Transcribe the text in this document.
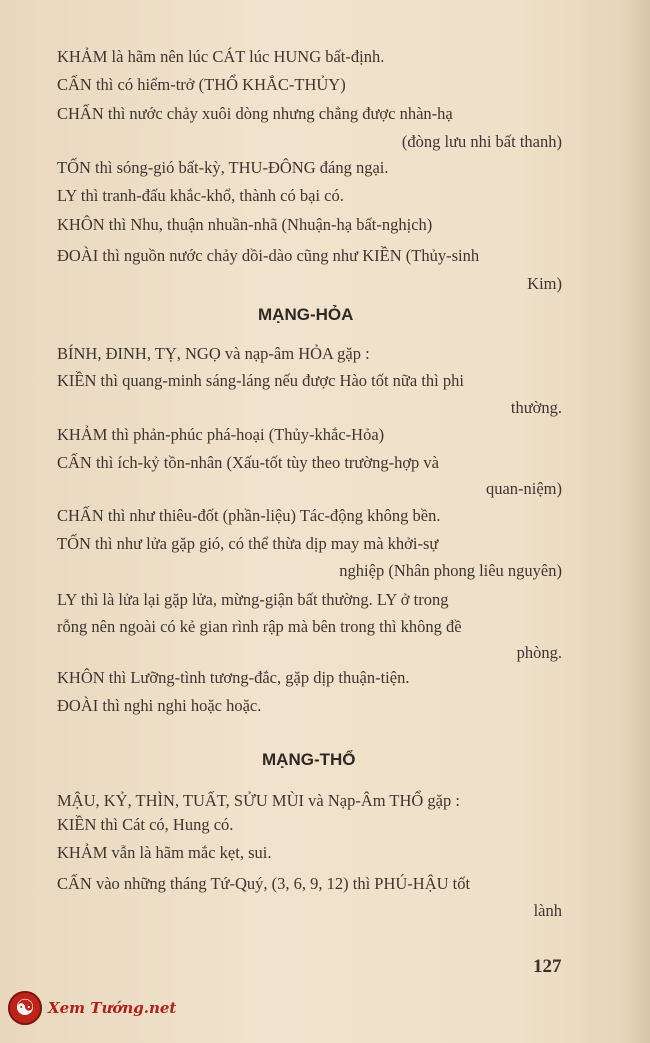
KHẢM là hãm nên lúc CÁT lúc HUNG bất-định.
CẤN thì có hiểm-trở (THỔ KHẮC-THỦY)
CHẤN thì nước chảy xuôi dòng nhưng chẳng được nhàn-hạ
(đòng lưu nhi bất thanh)
TỐN thì sóng-gió bất-kỳ, THU-ĐÔNG đáng ngại.
LY thì tranh-đấu khắc-khổ, thành có bại có.
KHÔN thì Nhu, thuận nhuần-nhã (Nhuận-hạ bất-nghịch)
ĐOÀI thì nguồn nước chảy dồi-dào cũng như KIỀN (Thủy-sinh
Kim)
MẠNG-HỎA
BÍNH, ĐINH, TỴ, NGỌ và nạp-âm HỎA gặp :
KIỀN thì quang-minh sáng-láng nếu được Hào tốt nữa thì phi
thường.
KHẢM thì phản-phúc phá-hoại (Thủy-khắc-Hỏa)
CẤN thì ích-kỷ tồn-nhân (Xấu-tốt tùy theo trường-hợp và
quan-niệm)
CHẤN thì như thiêu-đốt (phần-liệu) Tác-động không bền.
TỐN thì như lửa gặp gió, có thể thừa dịp may mà khởi-sự
nghiệp (Nhân phong liêu nguyên)
LY thì là lửa lại gặp lửa, mừng-giận bất thường. LY ở trong
rỗng nên ngoài có kẻ gian rình rập mà bên trong thì không đề
phòng.
KHÔN thì Lưỡng-tình tương-đắc, gặp dịp thuận-tiện.
ĐOÀI thì nghi nghi hoặc hoặc.
MẠNG-THỔ
MẬU, KỶ, THÌN, TUẤT, SỬU MÙI và Nạp-Âm THỔ gặp :
KIỀN thì Cát có, Hung có.
KHẢM vẫn là hãm mắc kẹt, sui.
CẤN vào những tháng Tứ-Quý, (3, 6, 9, 12) thì PHÚ-HẬU tốt
lành
127
☯ Xem Tướng.net
